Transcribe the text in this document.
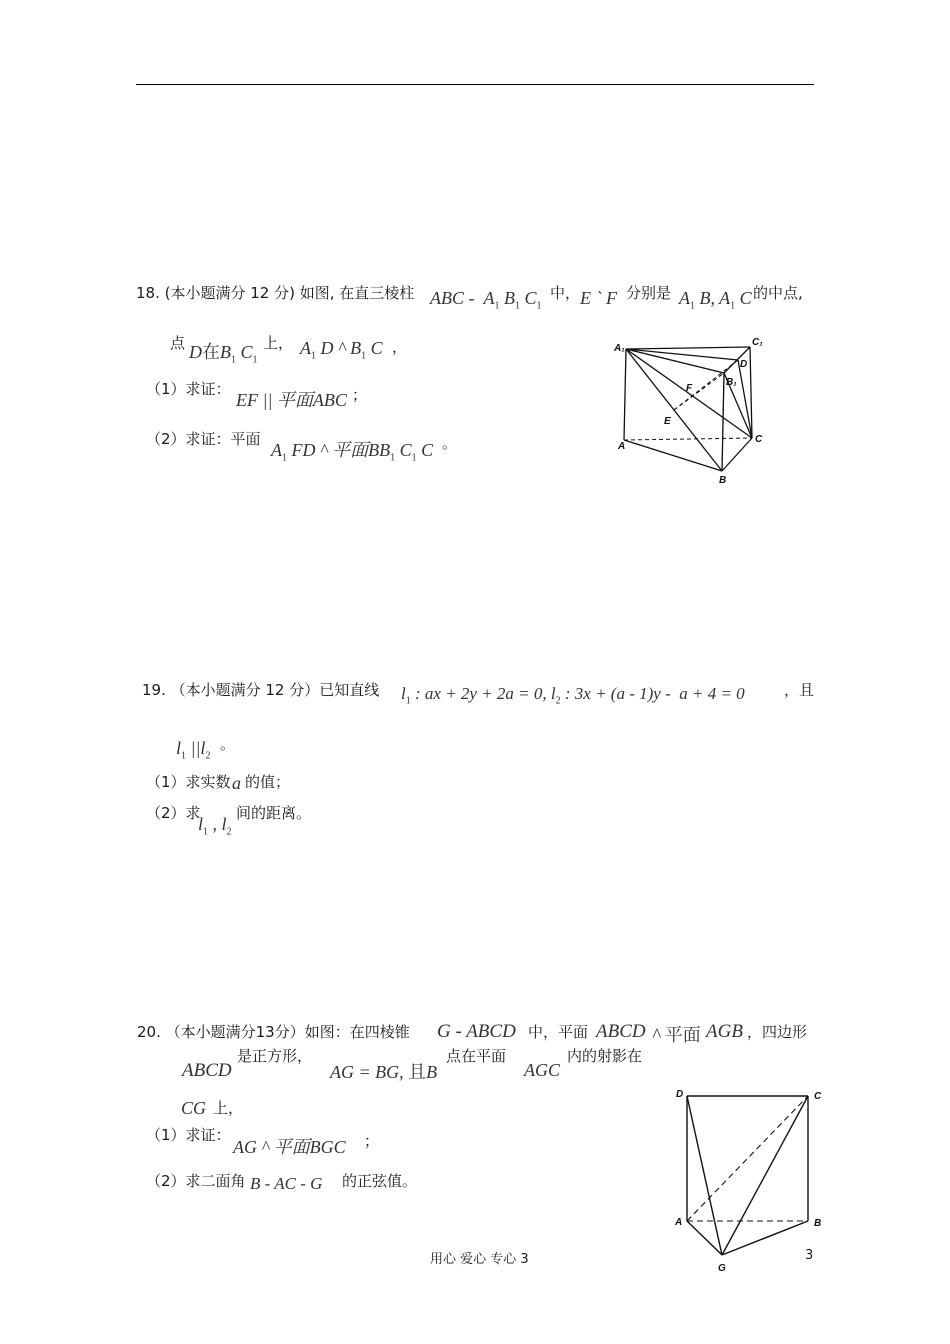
18. (本小题满分 12 分) 如图, 在直三棱柱 ABC -  $A_1$ $B_1$ $C_1$
中， E ` F 分别是 $A_1$ B, $A_1$ C 的中点,
点 D在$B_1$ $C_1$
上， $A_1$ D ^ $B_1$ C ，
（1）求证：
EF || 平面ABC ；
（2）求证：平面
$A_1$ FD ^ 平面$BB_1$ $C_1$ C 。
A₁
C₁
D
B₁
F
E
A
C
B
19. （本小题满分 12 分）已知直线 $l_1$ : ax + 2y + 2a = 0, $l_2$ : 3x + (a - 1)y -  a + 4 = 0	，且
$l_1$ $||l_2$
。
（1）求实数 a 的值；
（2）求
$l_1$ , $l_2$
间的距离。
20. （本小题满分13分）如图：在四棱锥 G - ABCD 中，平面 ABCD ^ 平面 AGB ，四边形
ABCD
是正方形，
AG = BG, 且B
点在平面
AGC
内的射影在
CG 上，
（1）求证：
AG ^ 平面BGC ；
（2）求二面角 B - AC - G 的正弦值。
D	C
A	B
G
用心 爱心 专心 3	3
